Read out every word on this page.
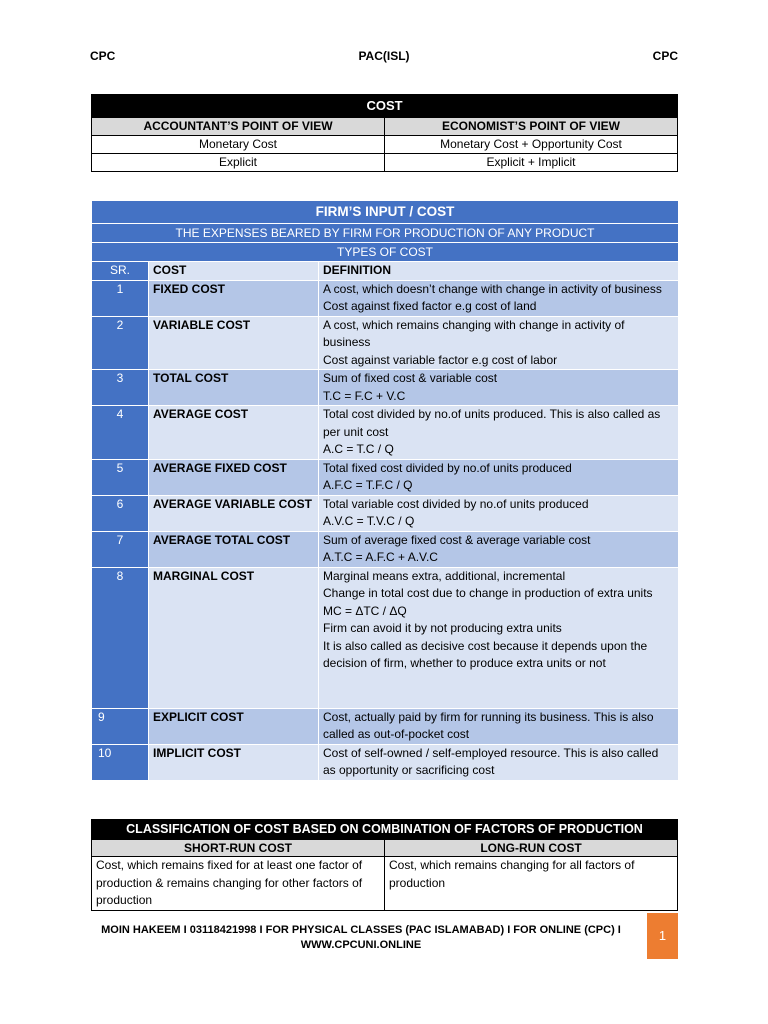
CPC	PAC(ISL)	CPC
COST	
ACCOUNTANT’S POINT OF VIEW	ECONOMIST’S POINT OF VIEW
Monetary Cost	Monetary Cost + Opportunity Cost
Explicit	Explicit + Implicit
FIRM’S INPUT / COST		
THE EXPENSES BEARED BY FIRM FOR PRODUCTION OF ANY PRODUCT		
TYPES OF COST		
SR.	COST	DEFINITION
1	FIXED COST	A cost, which doesn’t change with change in activity of business
Cost against fixed factor e.g cost of land

2	VARIABLE COST	A cost, which remains changing with change in activity of business
Cost against variable factor e.g cost of labor

3	TOTAL COST	Sum of fixed cost & variable cost
T.C = F.C + V.C

4	AVERAGE COST	Total cost divided by no.of units produced. This is also called as per unit cost
A.C = T.C / Q

5	AVERAGE FIXED COST	Total fixed cost divided by no.of units produced
A.F.C = T.F.C / Q

6	AVERAGE VARIABLE COST	Total variable cost divided by no.of units produced
A.V.C = T.V.C / Q

7	AVERAGE TOTAL COST	Sum of average fixed cost & average variable cost
A.T.C = A.F.C + A.V.C

8	MARGINAL COST	Marginal means extra, additional, incremental
Change in total cost due to change in production of extra units
MC = ΔTC / ΔQ
Firm can avoid it by not producing extra units
It is also called as decisive cost because it depends upon the decision of firm, whether to produce extra units or not

9	EXPLICIT COST	Cost, actually paid by firm for running its business. This is also called as out-of-pocket cost

10	IMPLICIT COST	Cost of self-owned / self-employed resource. This is also called as opportunity or sacrificing cost
CLASSIFICATION OF COST BASED ON COMBINATION OF FACTORS OF PRODUCTION	
SHORT-RUN COST	LONG-RUN COST
Cost, which remains fixed for at least one factor of production & remains changing for other factors of production	Cost, which remains changing for all factors of production
MOIN HAKEEM I 03118421998 I FOR PHYSICAL CLASSES (PAC ISLAMABAD) I FOR ONLINE (CPC) I
WWW.CPCUNI.ONLINE
1
